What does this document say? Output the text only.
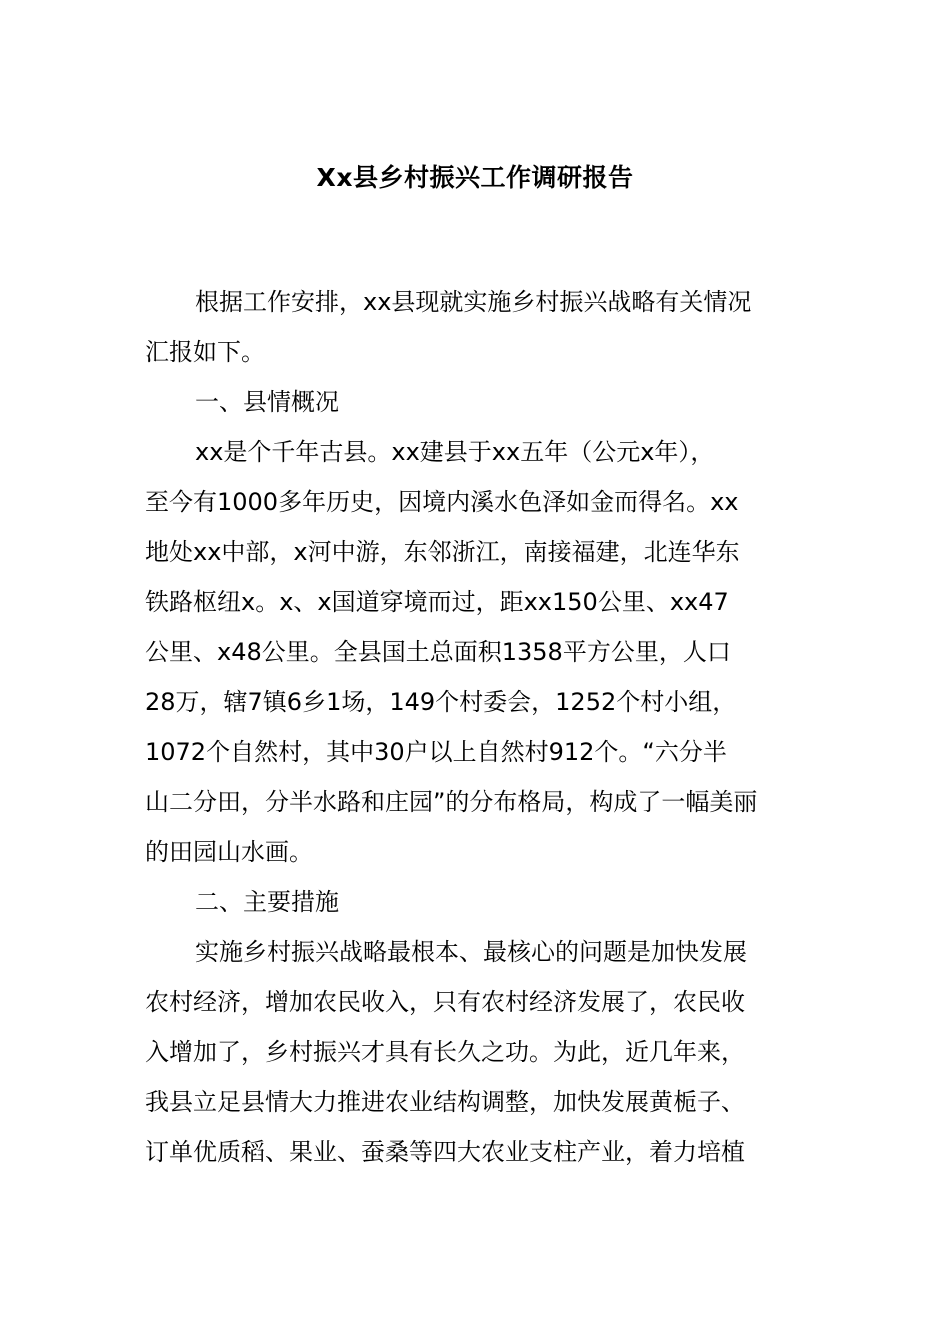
Xx县乡村振兴工作调研报告
根据工作安排，xx县现就实施乡村振兴战略有关情况
汇报如下。
一、县情概况
xx是个千年古县。xx建县于xx五年（公元x年），
至今有1000多年历史，因境内溪水色泽如金而得名。xx
地处xx中部，x河中游，东邻浙江，南接福建，北连华东
铁路枢纽x。x、x国道穿境而过，距xx150公里、xx47
公里、x48公里。全县国土总面积1358平方公里，人口
28万，辖7镇6乡1场，149个村委会，1252个村小组，
1072个自然村，其中30户以上自然村912个。“六分半
山二分田，分半水路和庄园”的分布格局，构成了一幅美丽
的田园山水画。
二、主要措施
实施乡村振兴战略最根本、最核心的问题是加快发展
农村经济，增加农民收入，只有农村经济发展了，农民收
入增加了，乡村振兴才具有长久之功。为此，近几年来，
我县立足县情大力推进农业结构调整，加快发展黄栀子、
订单优质稻、果业、蚕桑等四大农业支柱产业，着力培植
